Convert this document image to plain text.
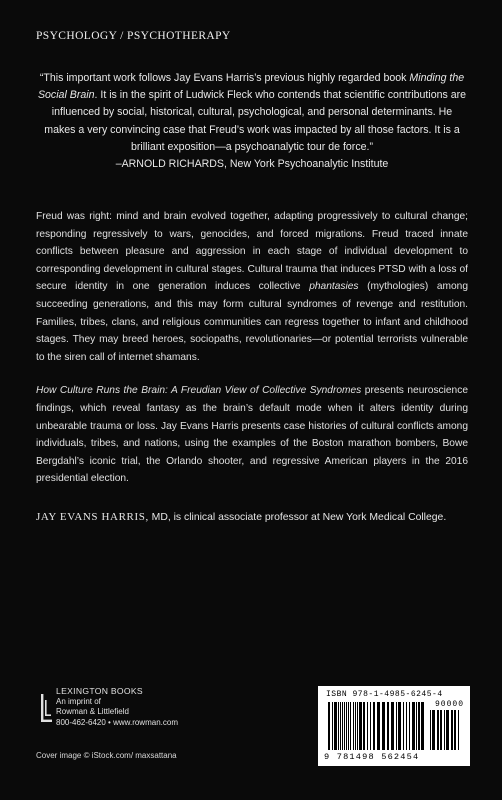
PSYCHOLOGY / PSYCHOTHERAPY
“This important work follows Jay Evans Harris’s previous highly regarded book Minding the Social Brain. It is in the spirit of Ludwick Fleck who contends that scientific contributions are influenced by social, historical, cultural, psychological, and personal determinants. He makes a very convincing case that Freud’s work was impacted by all those factors. It is a brilliant exposition—a psychoanalytic tour de force.”
–ARNOLD RICHARDS, New York Psychoanalytic Institute

Freud was right: mind and brain evolved together, adapting progressively to cultural change; responding regressively to wars, genocides, and forced migrations. Freud traced innate conflicts between pleasure and aggression in each stage of individual development to corresponding development in cultural stages. Cultural trauma that induces PTSD with a loss of secure identity in one generation induces collective phantasies (mythologies) among succeeding generations, and this may form cultural syndromes of revenge and restitution. Families, tribes, clans, and religious communities can regress together to infant and childhood stages. They may breed heroes, sociopaths, revolutionaries—or potential terrorists vulnerable to the siren call of internet shamans.

How Culture Runs the Brain: A Freudian View of Collective Syndromes presents neuroscience findings, which reveal fantasy as the brain’s default mode when it alters identity during unbearable trauma or loss. Jay Evans Harris presents case histories of cultural conflicts among individuals, tribes, and nations, using the examples of the Boston marathon bombers, Bowe Bergdahl’s iconic trial, the Orlando shooter, and regressive American players in the 2016 presidential election.

JAY EVANS HARRIS, MD, is clinical associate professor at New York Medical College.
LEXINGTON BOOKS
An imprint of
Rowman & Littlefield
800-462-6420 • www.rowman.com
Cover image © iStock.com/ maxsattana
ISBN 978-1-4985-6245-4
90000
9 781498 562454
